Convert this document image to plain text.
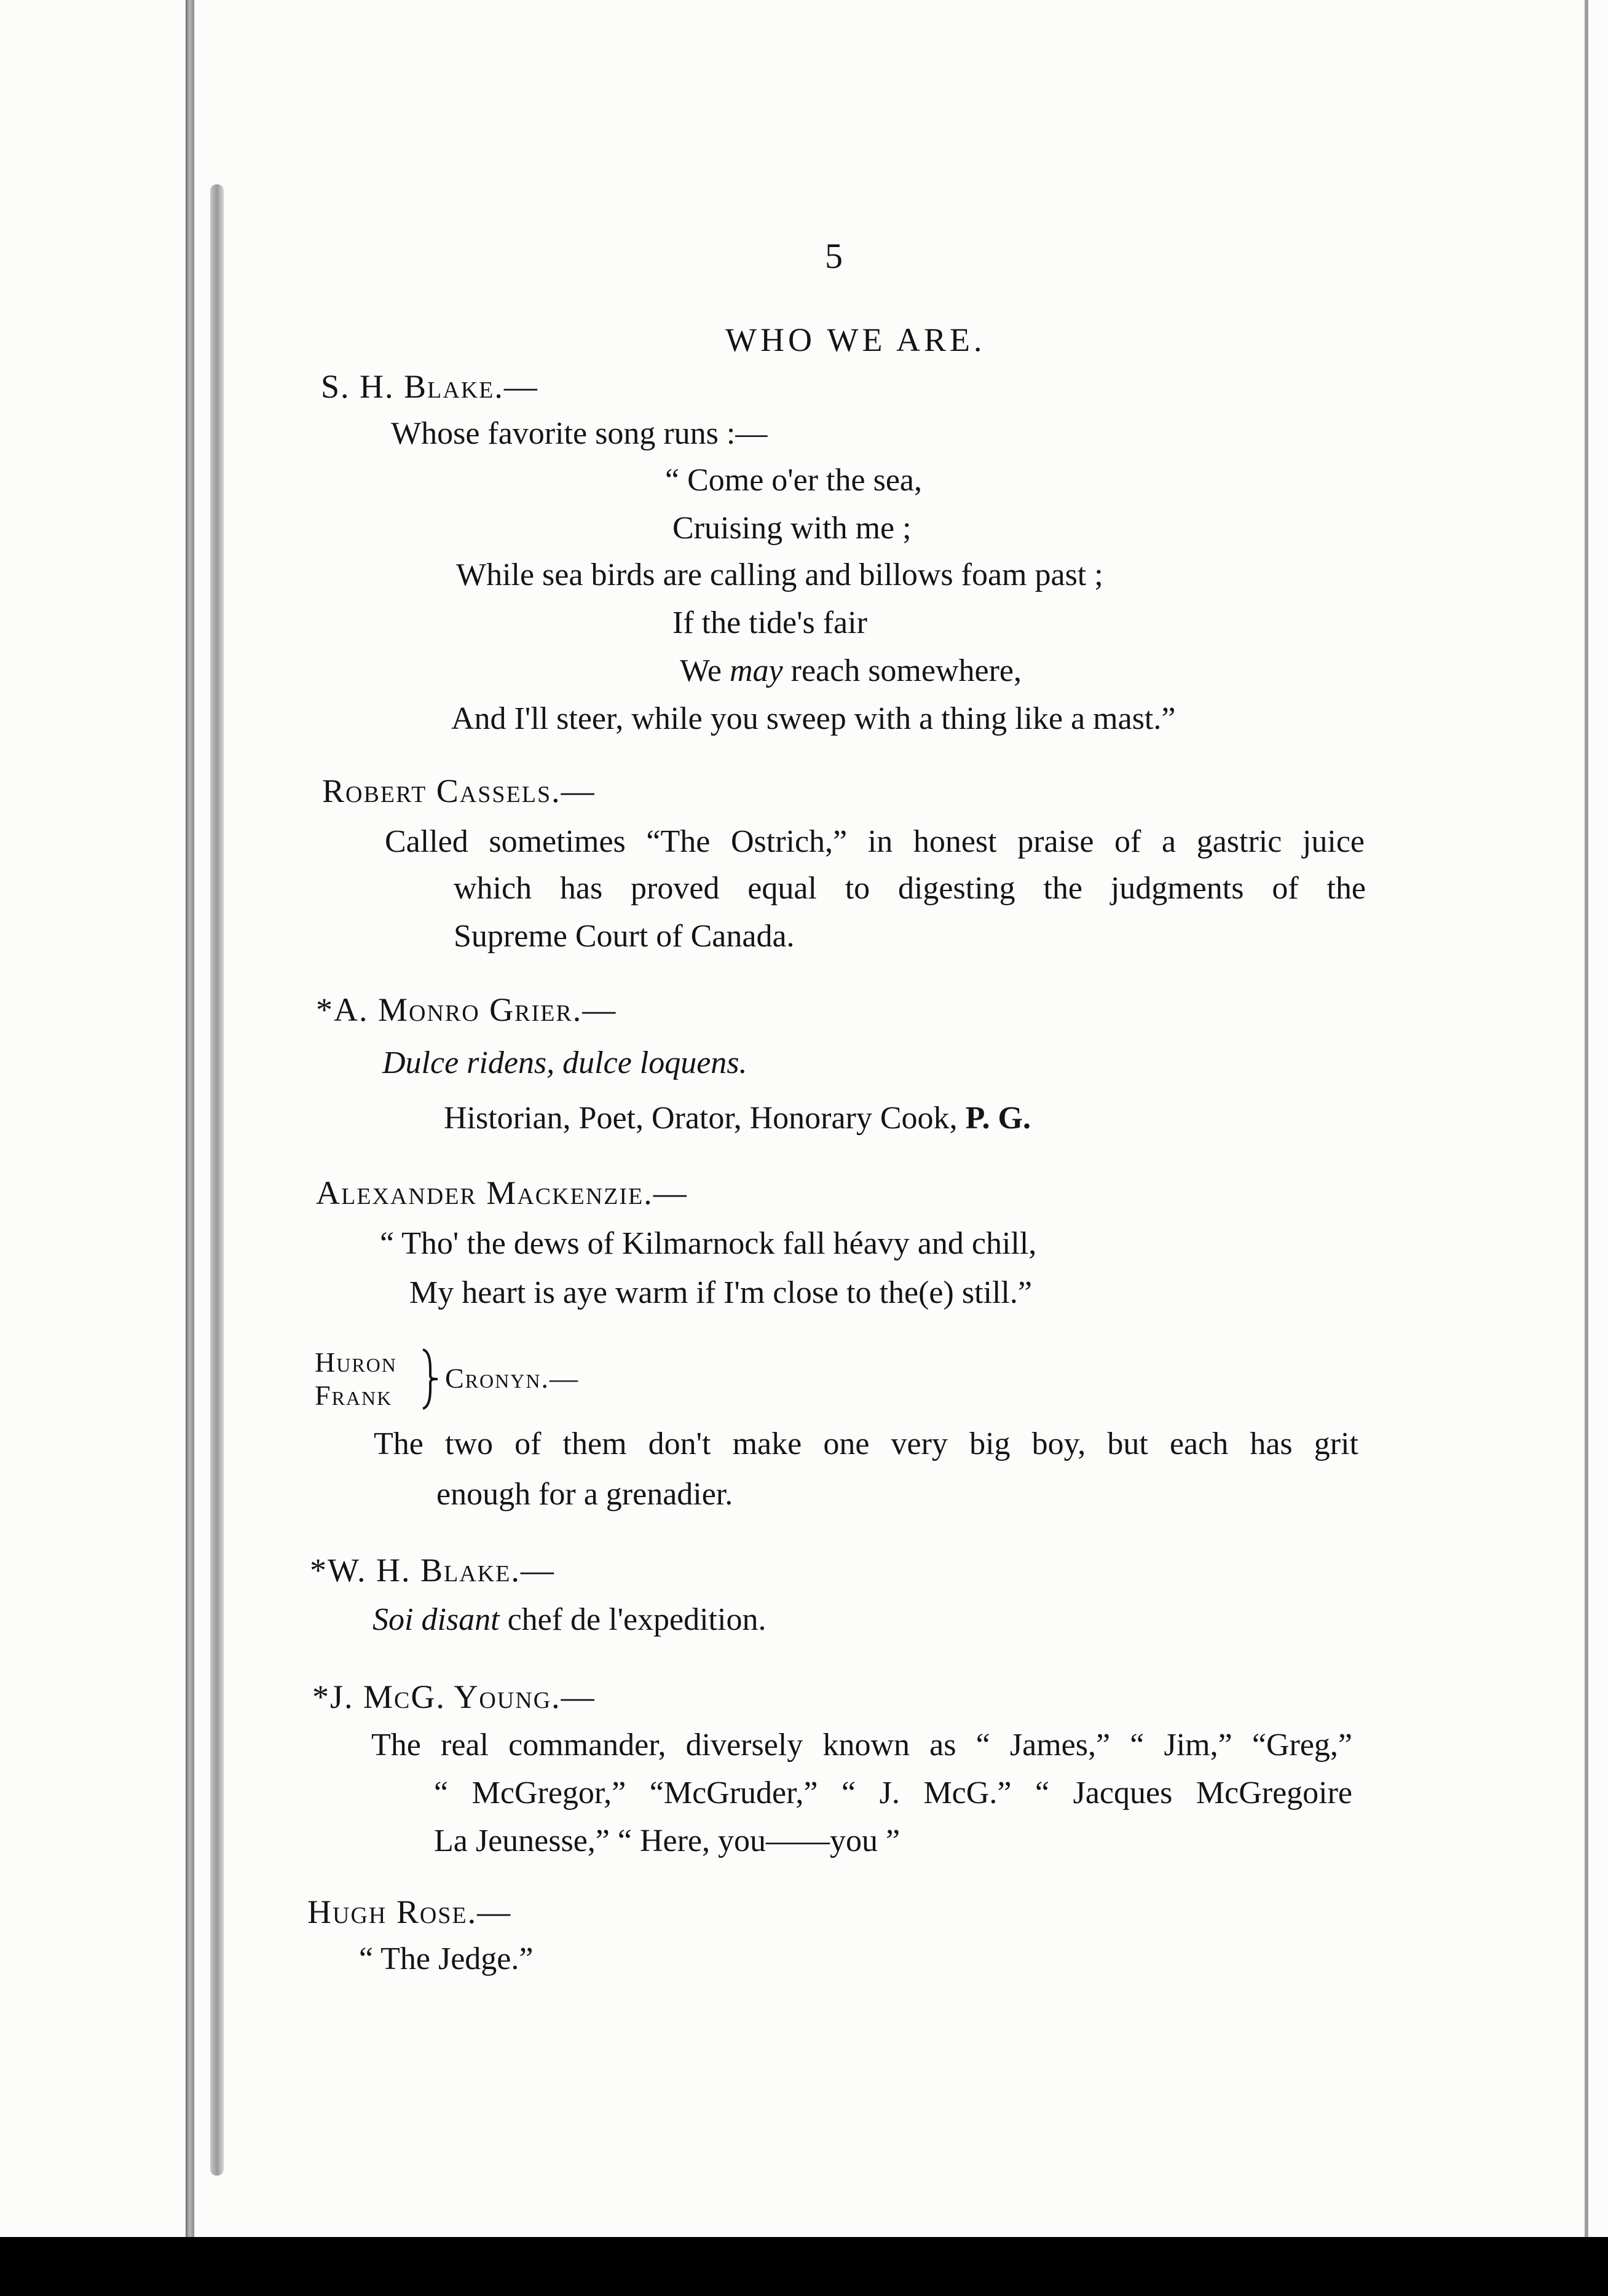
5
WHO WE ARE.
S. H. Blake.—
Whose favorite song runs :—
“ Come o'er the sea,
Cruising with me ;
While sea birds are calling and billows foam past ;
If the tide's fair
We may reach somewhere,
And I'll steer, while you sweep with a thing like a mast.”
Robert Cassels.—
Called sometimes “The Ostrich,” in honest praise of a gastric juice
which has proved equal to digesting the judgments of the
Supreme Court of Canada.
*A. Monro Grier.—
Dulce ridens, dulce loquens.
Historian, Poet, Orator, Honorary Cook, P. G.
Alexander Mackenzie.—
“ Tho' the dews of Kilmarnock fall héavy and chill,
My heart is aye warm if I'm close to the(e) still.”
Huron
Frank
Cronyn.—
The two of them don't make one very big boy, but each has grit
enough for a grenadier.
*W. H. Blake.—
Soi disant chef de l'expedition.
*J. McG. Young.—
The real commander, diversely known as “ James,” “ Jim,” “Greg,”
“ McGregor,” “McGruder,” “ J. McG.” “ Jacques McGregoire
La Jeunesse,” “ Here, you——you ”
Hugh Rose.—
“ The Jedge.”
